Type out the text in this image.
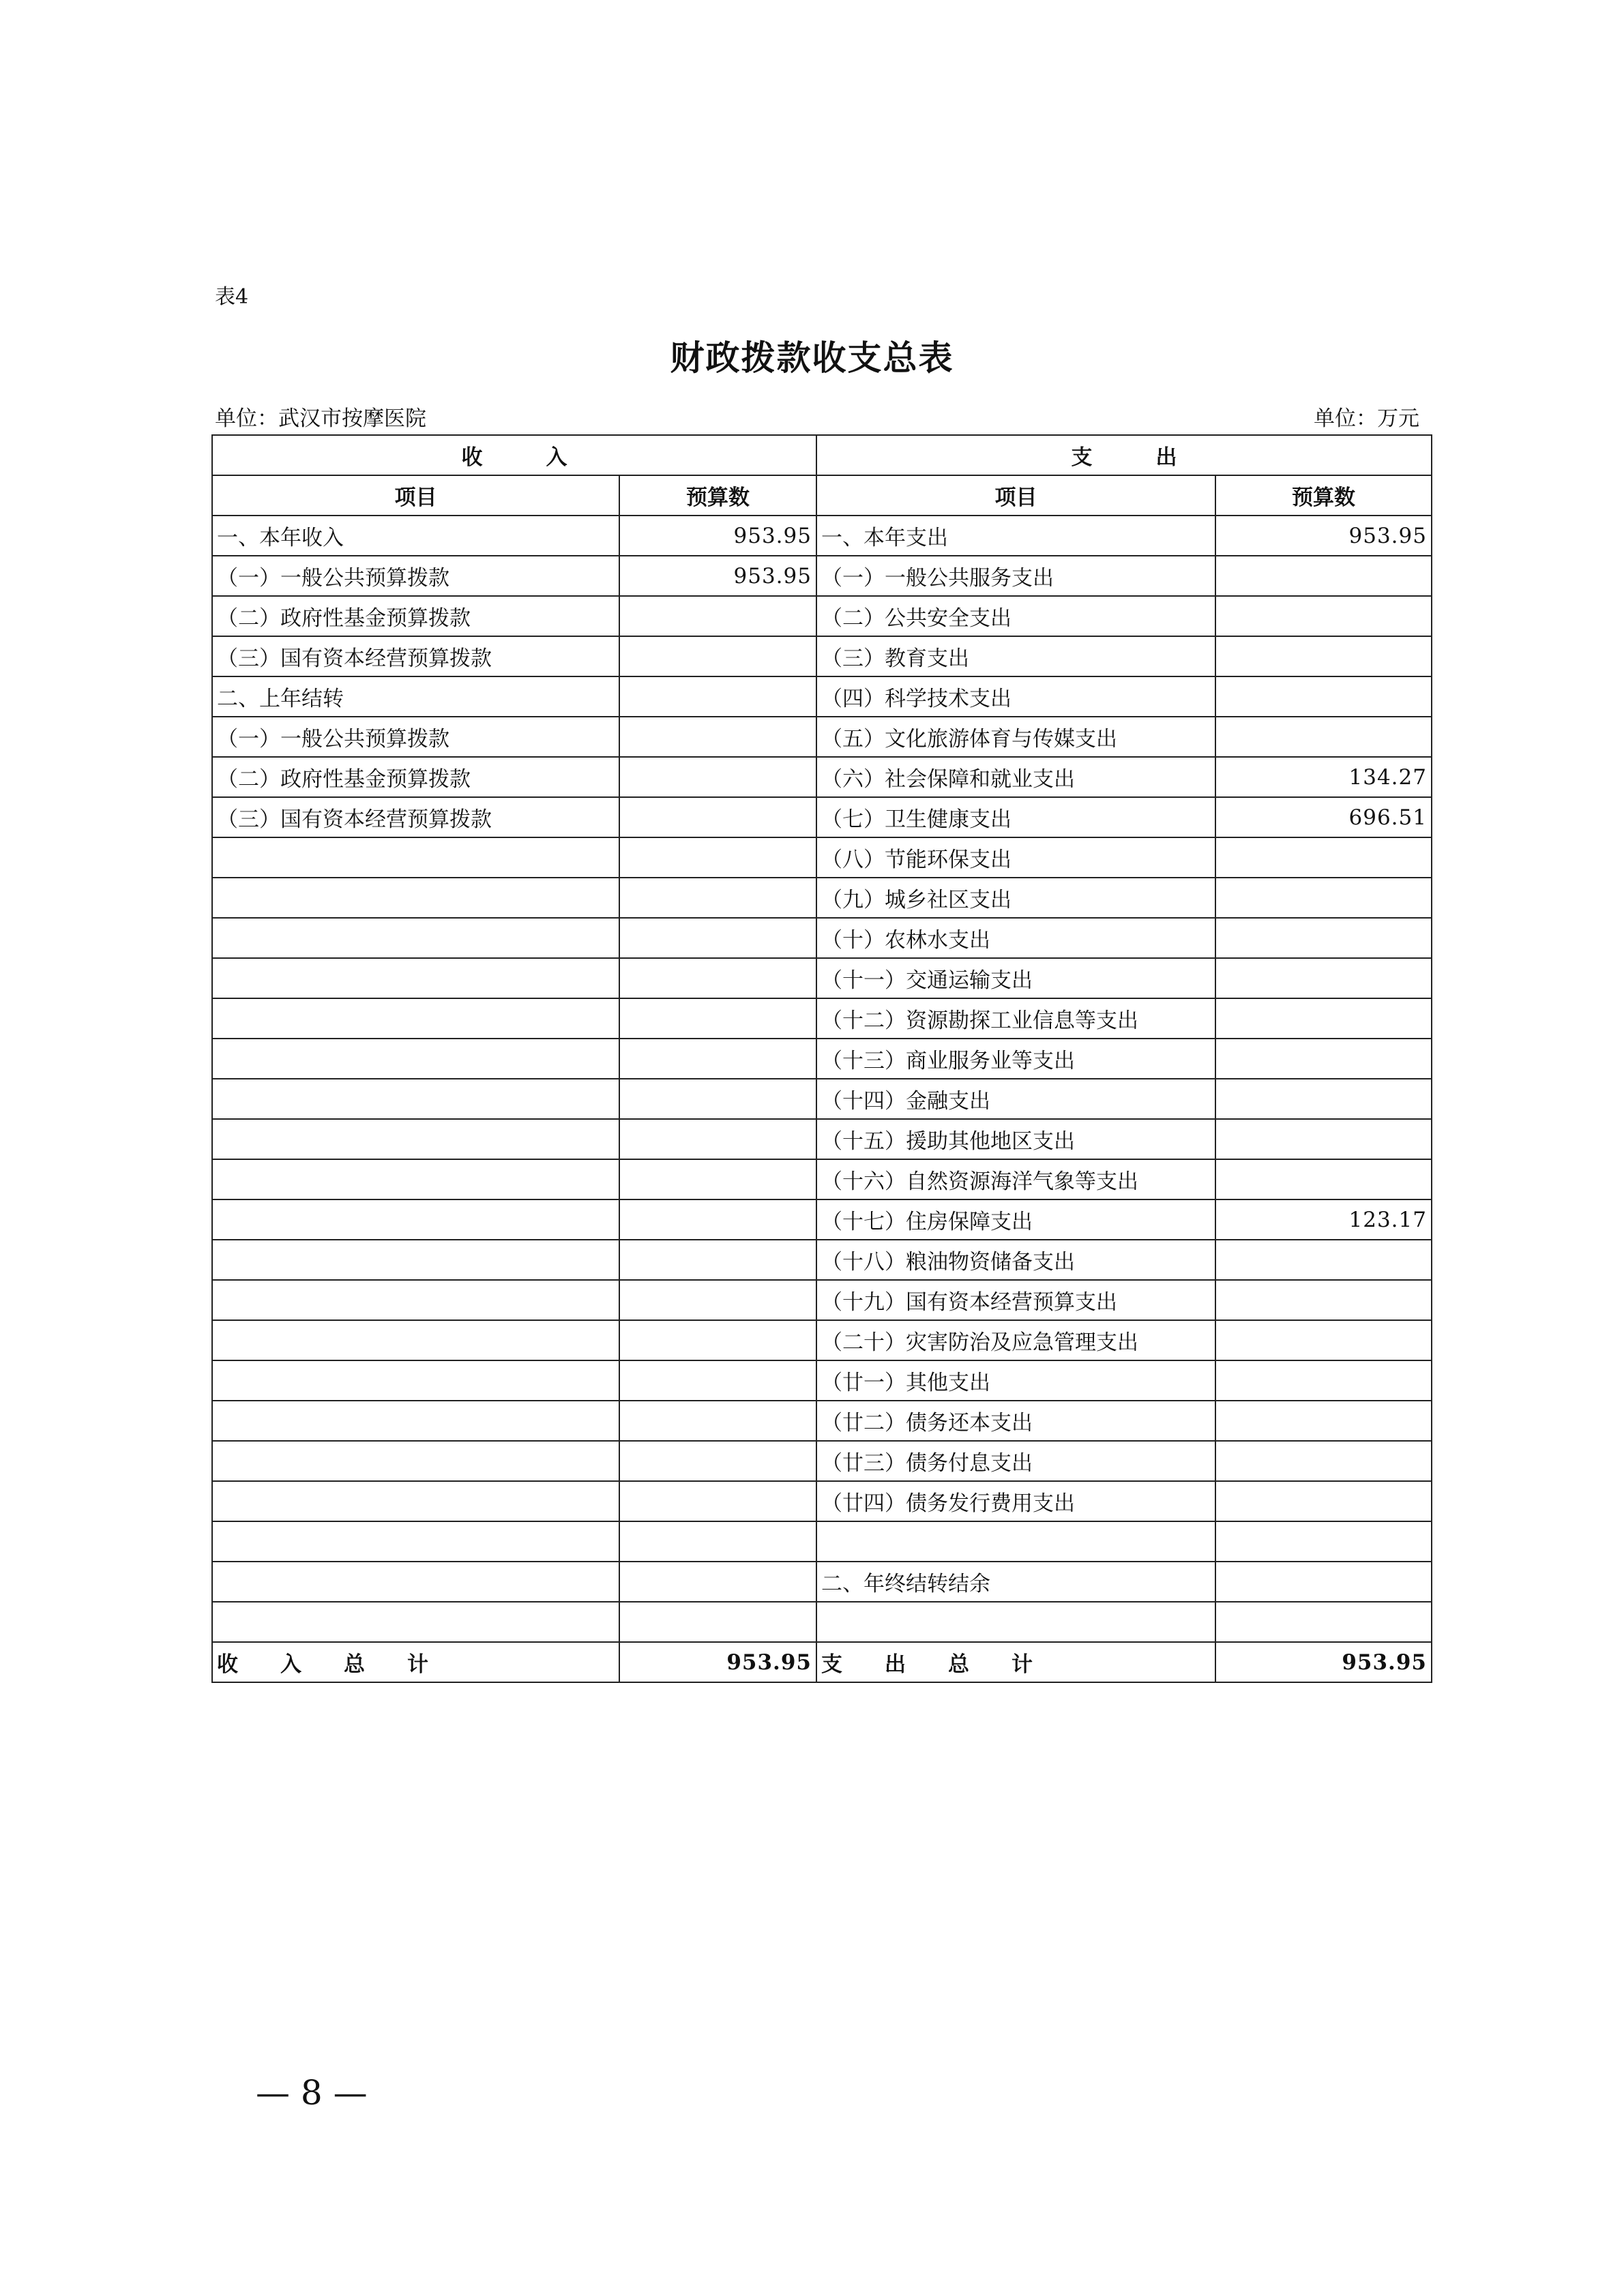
表4
财政拨款收支总表
单位：武汉市按摩医院	单位：万元
收　　　入		支　　　出	
项目	预算数	项目	预算数
一、本年收入	953.95	一、本年支出	953.95
（一）一般公共预算拨款	953.95	（一）一般公共服务支出	
（二）政府性基金预算拨款		（二）公共安全支出	
（三）国有资本经营预算拨款		（三）教育支出	
二、上年结转		（四）科学技术支出	
（一）一般公共预算拨款		（五）文化旅游体育与传媒支出	
（二）政府性基金预算拨款		（六）社会保障和就业支出	134.27
（三）国有资本经营预算拨款		（七）卫生健康支出	696.51
		（八）节能环保支出	
		（九）城乡社区支出	
		（十）农林水支出	
		（十一）交通运输支出	
		（十二）资源勘探工业信息等支出	
		（十三）商业服务业等支出	
		（十四）金融支出	
		（十五）援助其他地区支出	
		（十六）自然资源海洋气象等支出	
		（十七）住房保障支出	123.17
		（十八）粮油物资储备支出	
		（十九）国有资本经营预算支出	
		（二十）灾害防治及应急管理支出	
		（廿一）其他支出	
		（廿二）债务还本支出	
		（廿三）债务付息支出	
		（廿四）债务发行费用支出	

		二、年终结转结余	

收　　入　　总　　计	953.95	支　　出　　总　　计	953.95
— 8 —
